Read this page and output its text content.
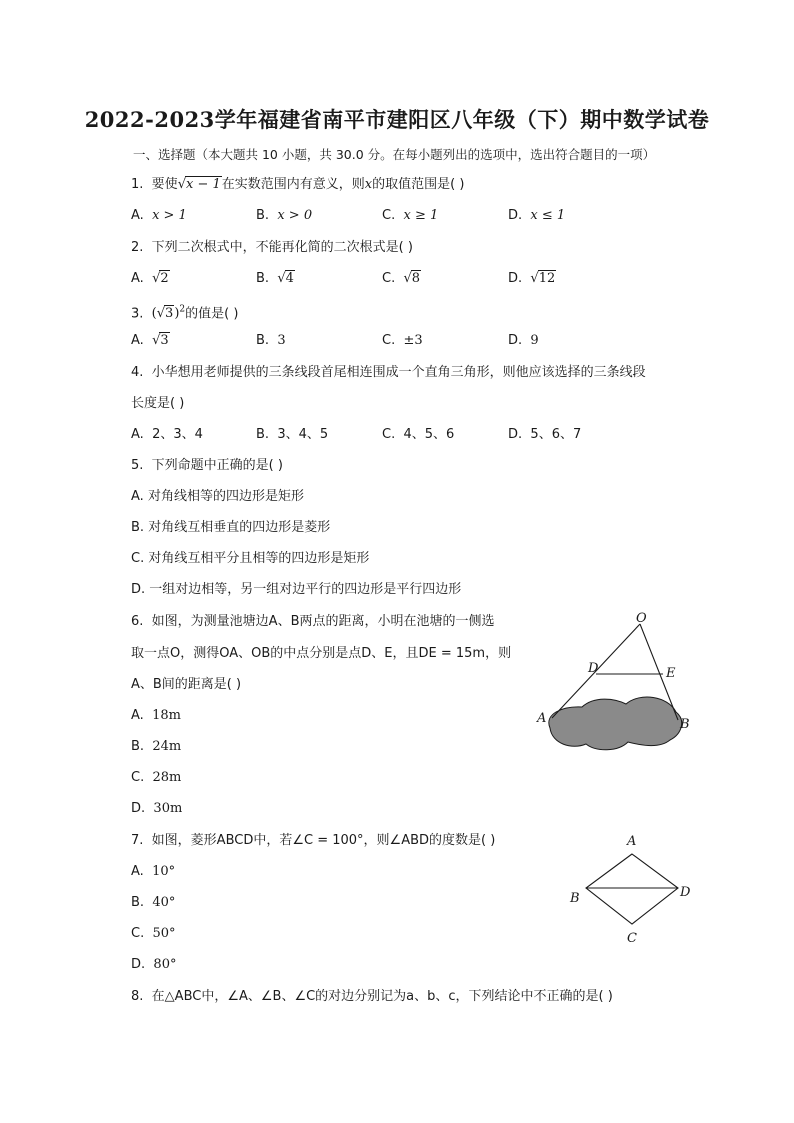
2022-2023学年福建省南平市建阳区八年级（下）期中数学试卷

一、选择题（本大题共 10 小题，共 30.0 分。在每小题列出的选项中，选出符合题目的一项）

1. 要使√x − 1在实数范围内有意义，则x的取值范围是( )

A. x > 1	B. x > 0	C. x ≥ 1	D. x ≤ 1

2. 下列二次根式中，不能再化简的二次根式是( )

A. √2	B. √4	C. √8	D. √12

3. $(√3)^2$的值是( )

A. √3	B. 3	C. ±3	D. 9

4. 小华想用老师提供的三条线段首尾相连围成一个直角三角形，则他应该选择的三条线段

长度是( )

A. 2、3、4	B. 3、4、5	C. 4、5、6	D. 5、6、7

5. 下列命题中正确的是( )

A. 对角线相等的四边形是矩形
B. 对角线互相垂直的四边形是菱形
C. 对角线互相平分且相等的四边形是矩形
D. 一组对边相等，另一组对边平行的四边形是平行四边形

6. 如图，为测量池塘边A、B两点的距离，小明在池塘的一侧选

取一点O，测得OA、OB的中点分别是点D、E，且DE = 15m，则

A、B间的距离是( )

A. 18m
B. 24m
C. 28m
D. 30m
O
D	E
A	B

7. 如图，菱形ABCD中，若∠C = 100°，则∠ABD的度数是( )

A. 10°
B. 40°
C. 50°
D. 80°
A
B
C
D

8. 在△ABC中，∠A、∠B、∠C的对边分别记为a、b、c，下列结论中不正确的是( )
